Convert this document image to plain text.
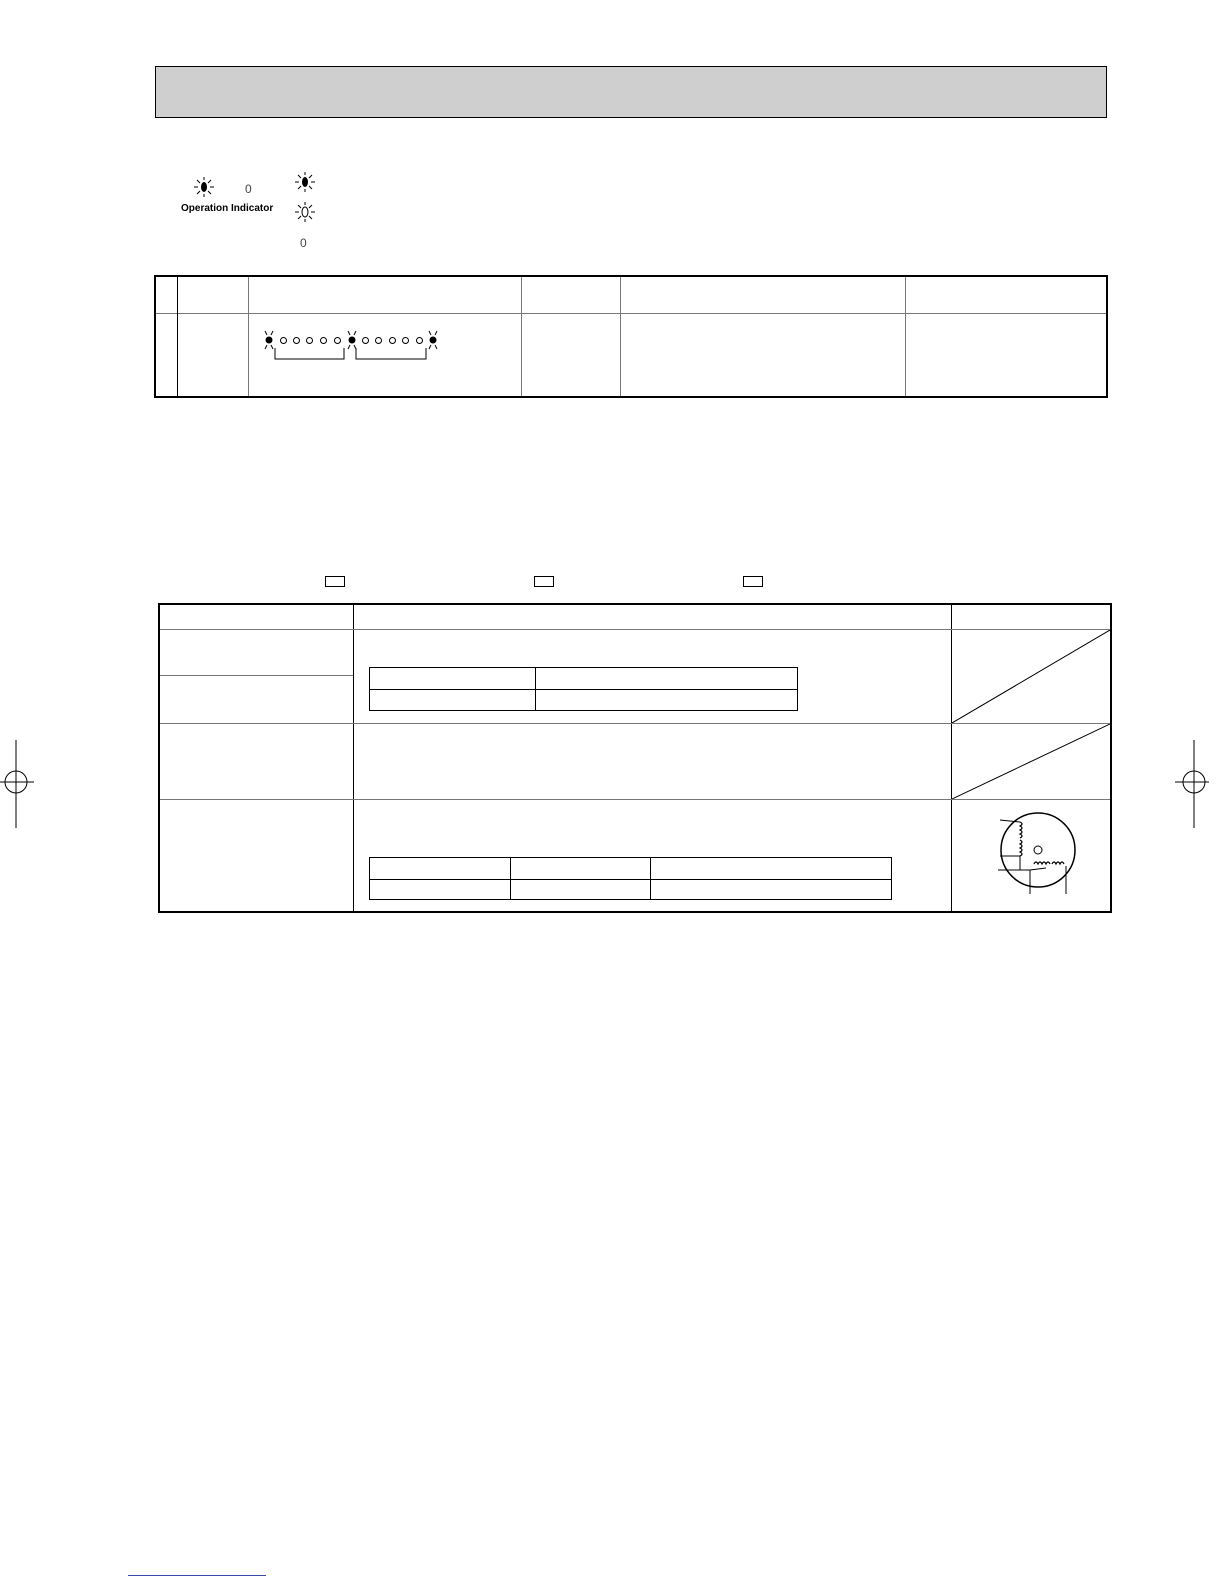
0
Operation Indicator
0
